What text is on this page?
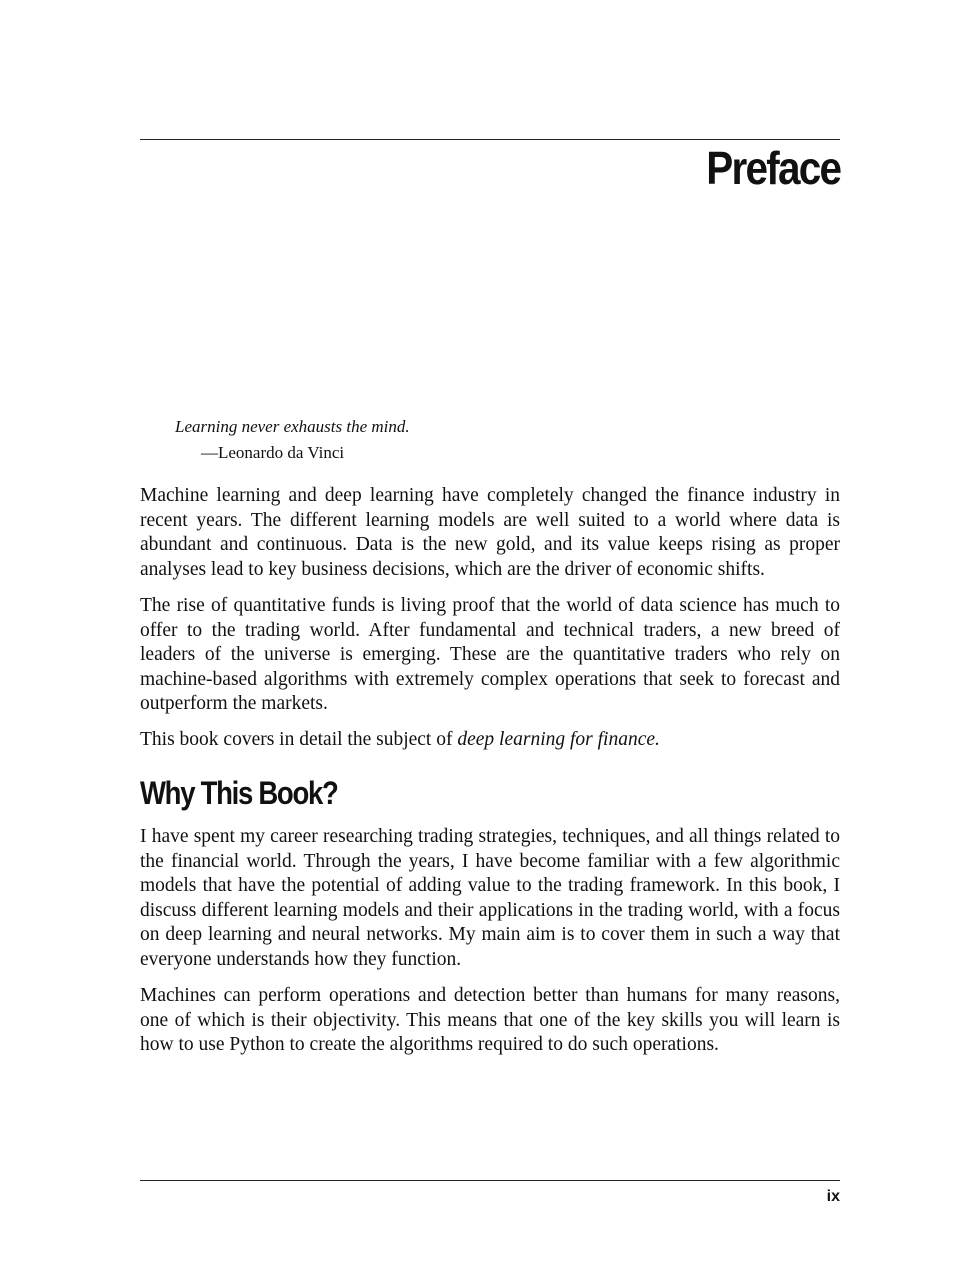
Preface
Learning never exhausts the mind.
—Leonardo da Vinci

Machine learning and deep learning have completely changed the finance industry in recent years. The different learning models are well suited to a world where data is abundant and continuous. Data is the new gold, and its value keeps rising as proper analyses lead to key business decisions, which are the driver of economic shifts.

The rise of quantitative funds is living proof that the world of data science has much to offer to the trading world. After fundamental and technical traders, a new breed of leaders of the universe is emerging. These are the quantitative traders who rely on machine-based algorithms with extremely complex operations that seek to forecast and outperform the markets.

This book covers in detail the subject of deep learning for finance.

Why This Book?

I have spent my career researching trading strategies, techniques, and all things related to the financial world. Through the years, I have become familiar with a few algorithmic models that have the potential of adding value to the trading framework. In this book, I discuss different learning models and their applications in the trading world, with a focus on deep learning and neural networks. My main aim is to cover them in such a way that everyone understands how they function.

Machines can perform operations and detection better than humans for many reasons, one of which is their objectivity. This means that one of the key skills you will learn is how to use Python to create the algorithms required to do such operations.

ix
